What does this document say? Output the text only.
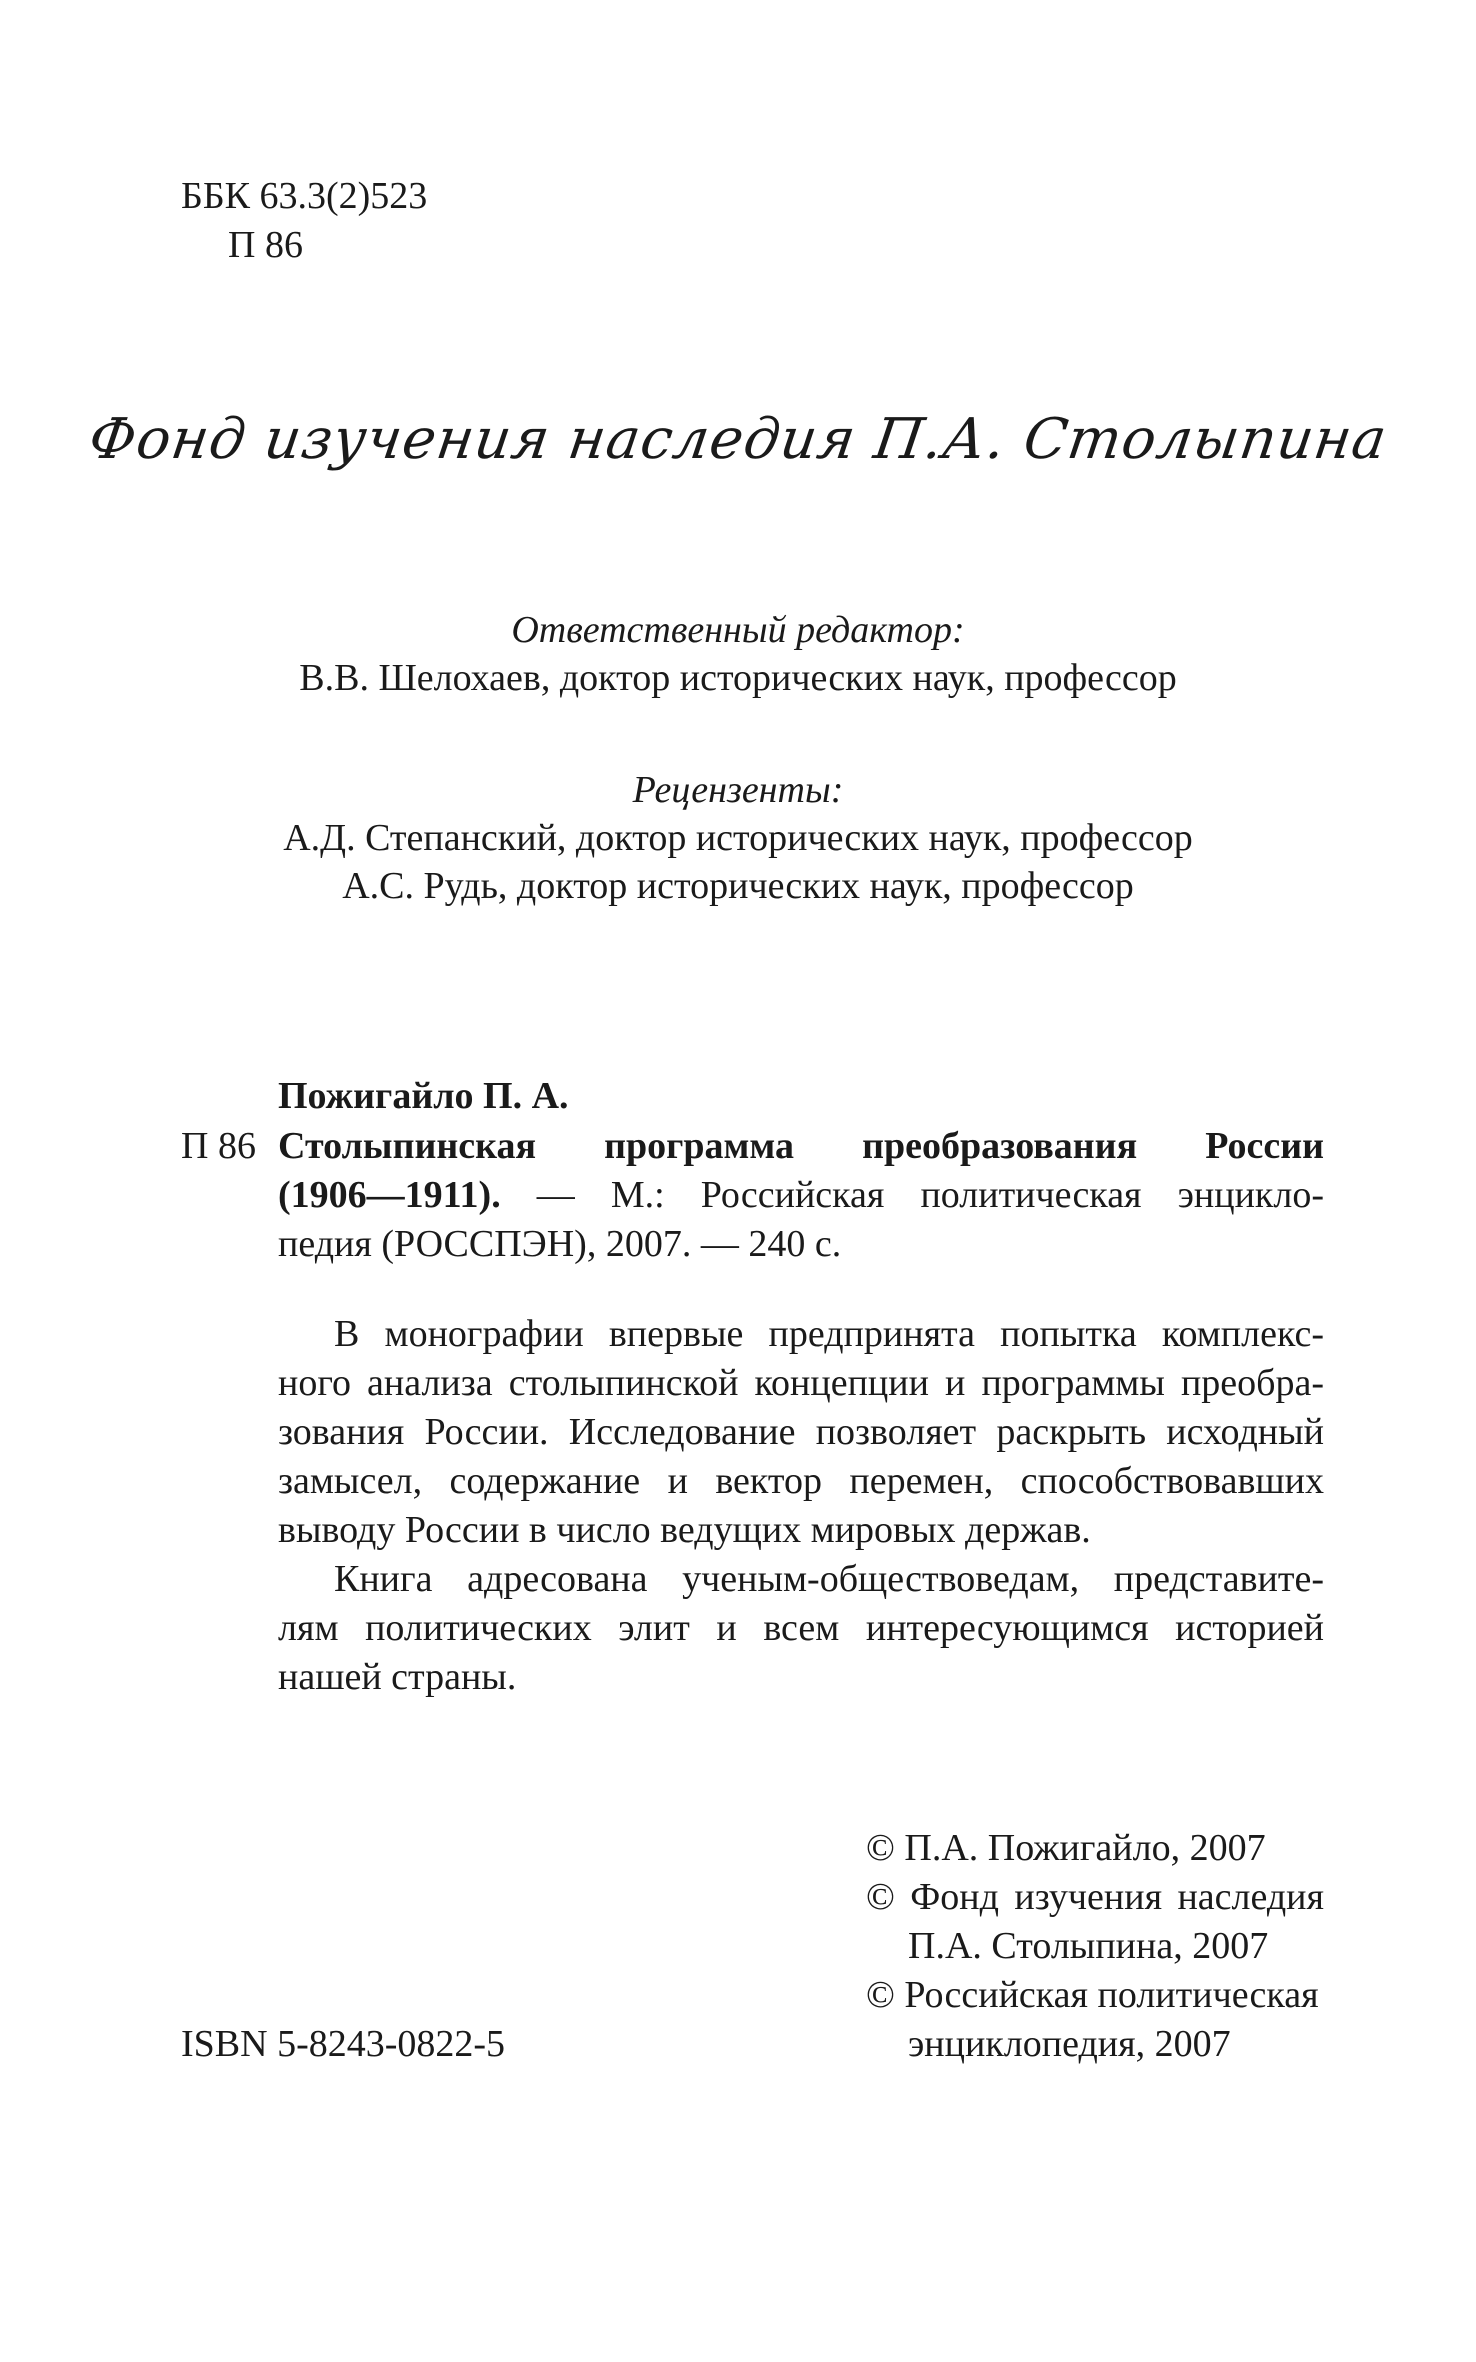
ББК 63.3(2)523
П 86
Фонд изучения наследия П.А. Столыпина
Ответственный редактор:
В.В. Шелохаев, доктор исторических наук, профессор
Рецензенты:
А.Д. Степанский, доктор исторических наук, профессор
А.С. Рудь, доктор исторических наук, профессор
Пожигайло П. А.
П 86 Столыпинская программа преобразования России
(1906—1911). — М.: Российская политическая энциклo-
педия (РОССПЭН), 2007. — 240 с.
В монографии впервые предпринята попытка комплекс-
ного анализа столыпинской концепции и программы преобра-
зования России. Исследование позволяет раскрыть исходный
замысел, содержание и вектор перемен, способствовавших
выводу России в число ведущих мировых держав.
Книга адресована ученым-обществоведам, представите-
лям политических элит и всем интересующимся историей
нашей страны.
© П.А. Пожигайло, 2007
© Фонд изучения наследия
П.А. Столыпина, 2007
© Российская политическая
энциклопедия, 2007
ISBN 5-8243-0822-5
